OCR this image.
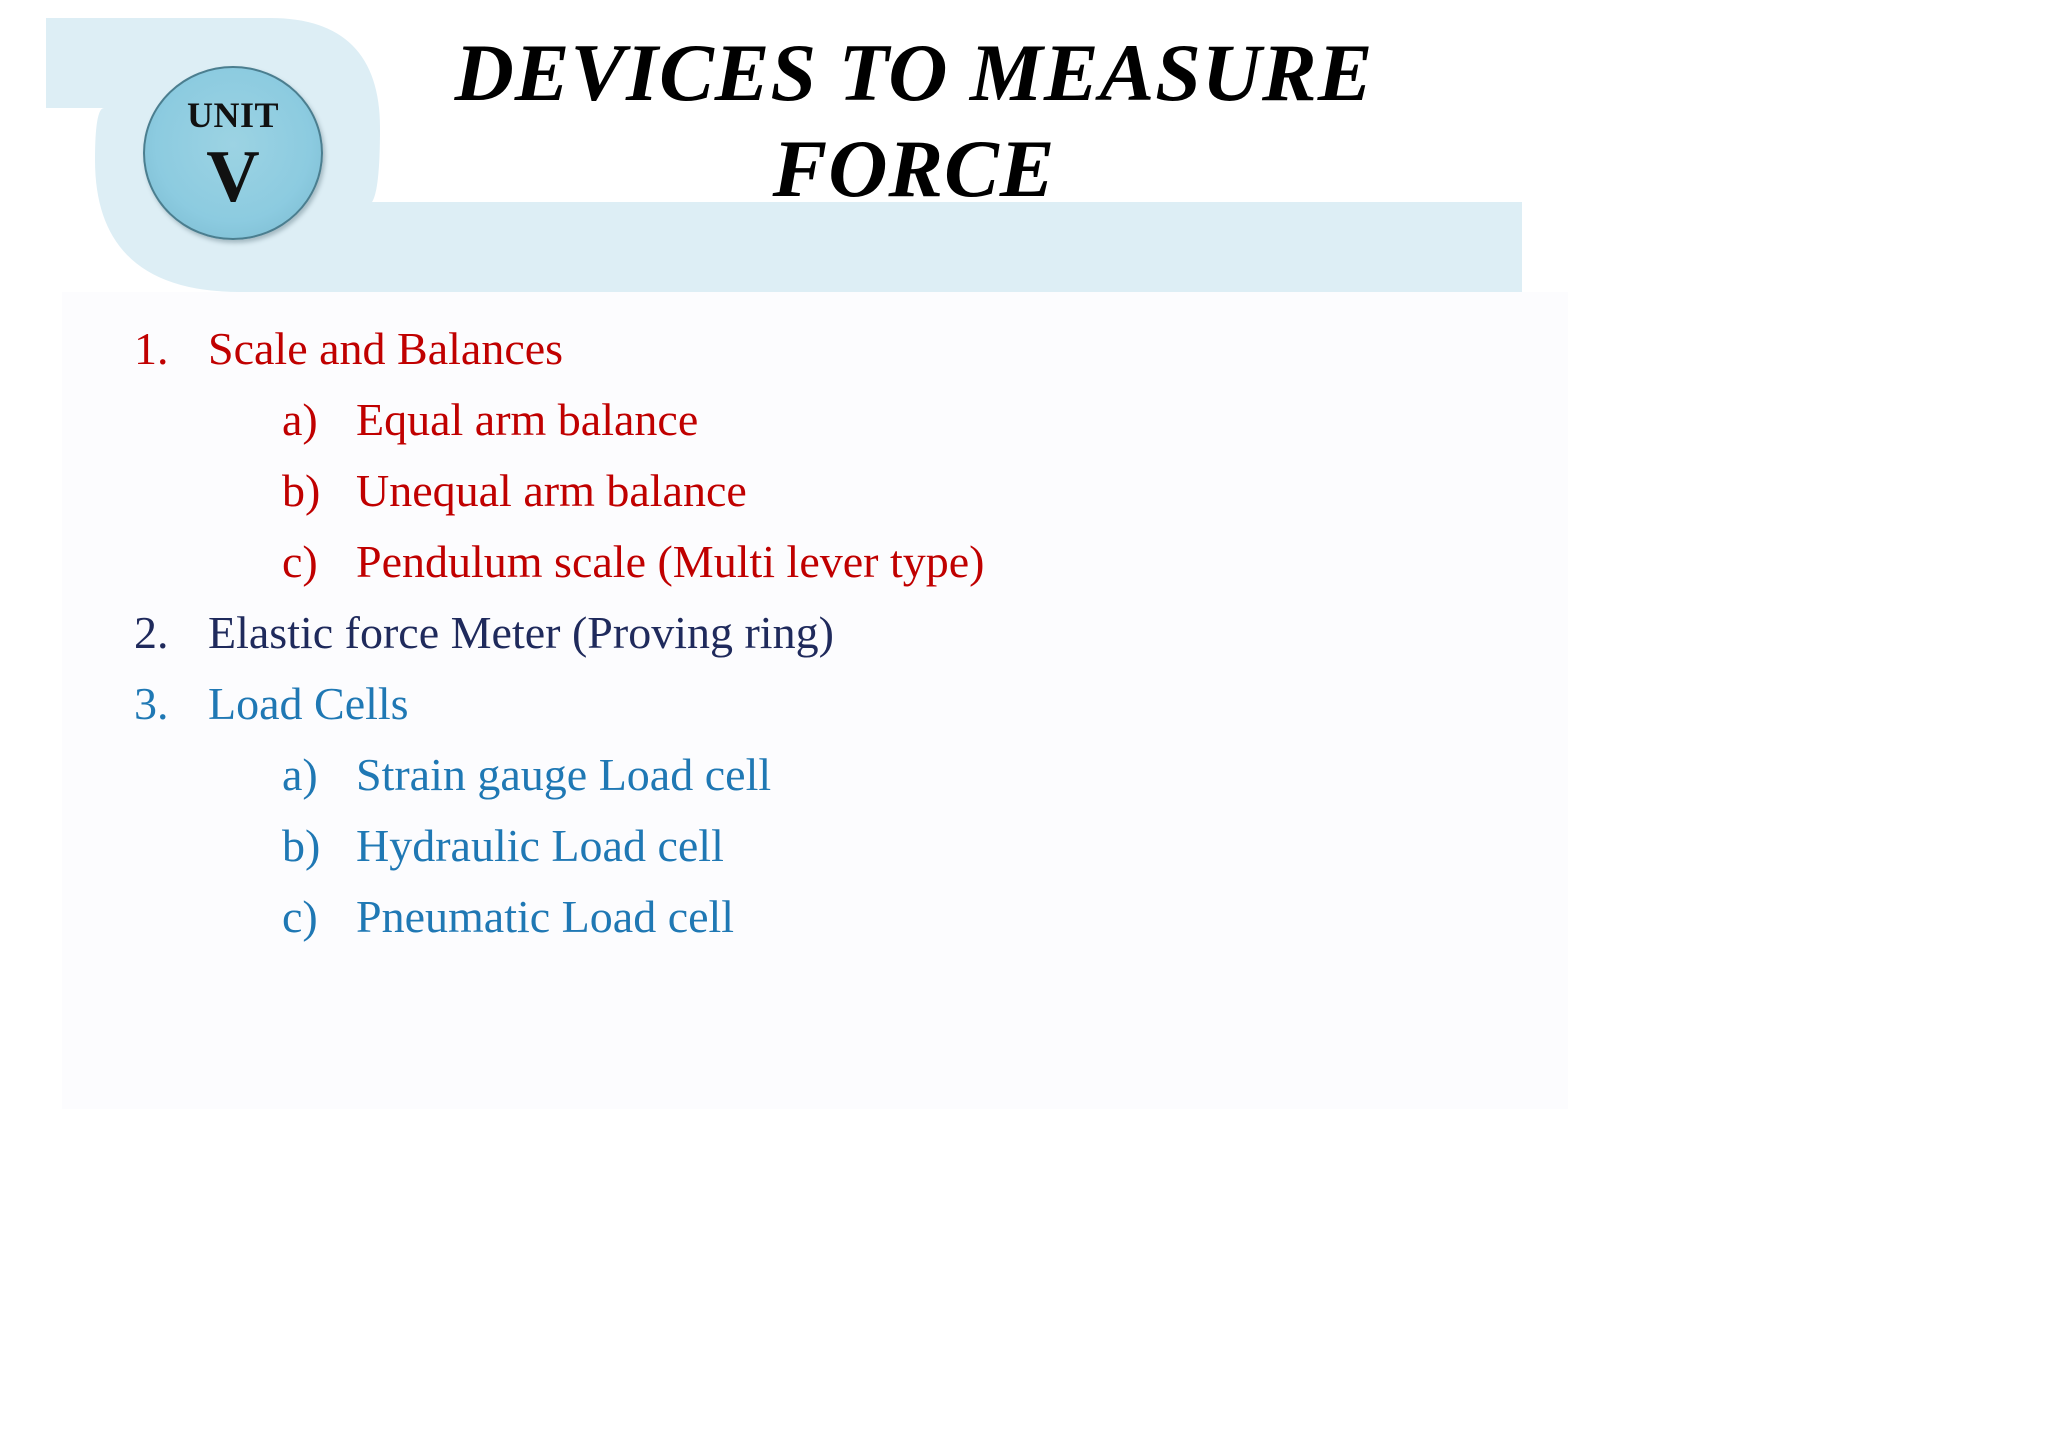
UNIT
V
DEVICES TO MEASURE
FORCE
1. Scale and Balances
a) Equal arm balance
b) Unequal arm balance
c) Pendulum scale (Multi lever type)
2. Elastic force Meter (Proving ring)
3. Load Cells
a) Strain gauge Load cell
b) Hydraulic Load cell
c) Pneumatic Load cell
